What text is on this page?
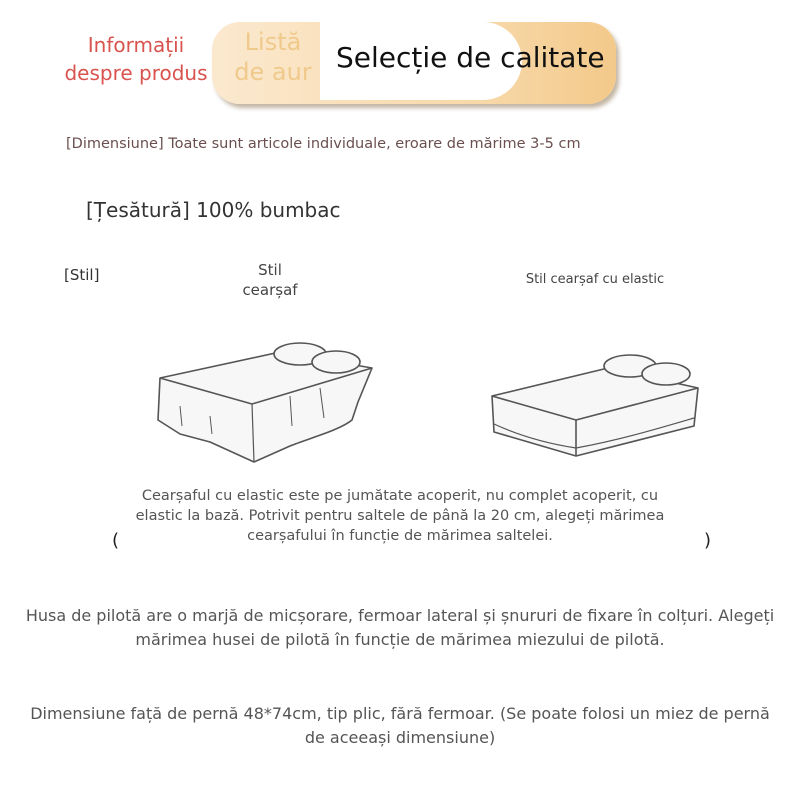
Informații
despre produs
Listă
de aur Selecție de calitate
[Dimensiune] Toate sunt articole individuale, eroare de mărime 3-5 cm
[Țesătură] 100% bumbac
[Stil]	Stil
cearșaf
Stil cearșaf cu elastic
Cearșaful cu elastic este pe jumătate acoperit, nu complet acoperit, cu elastic la bază. Potrivit pentru saltele de până la 20 cm, alegeți mărimea cearșafului în funcție de mărimea saltelei.
(	)
Husa de pilotă are o marjă de micșorare, fermoar lateral și șnururi de fixare în colțuri. Alegeți mărimea husei de pilotă în funcție de mărimea miezului de pilotă.
Dimensiune față de pernă 48*74cm, tip plic, fără fermoar. (Se poate folosi un miez de pernă de aceeași dimensiune)
